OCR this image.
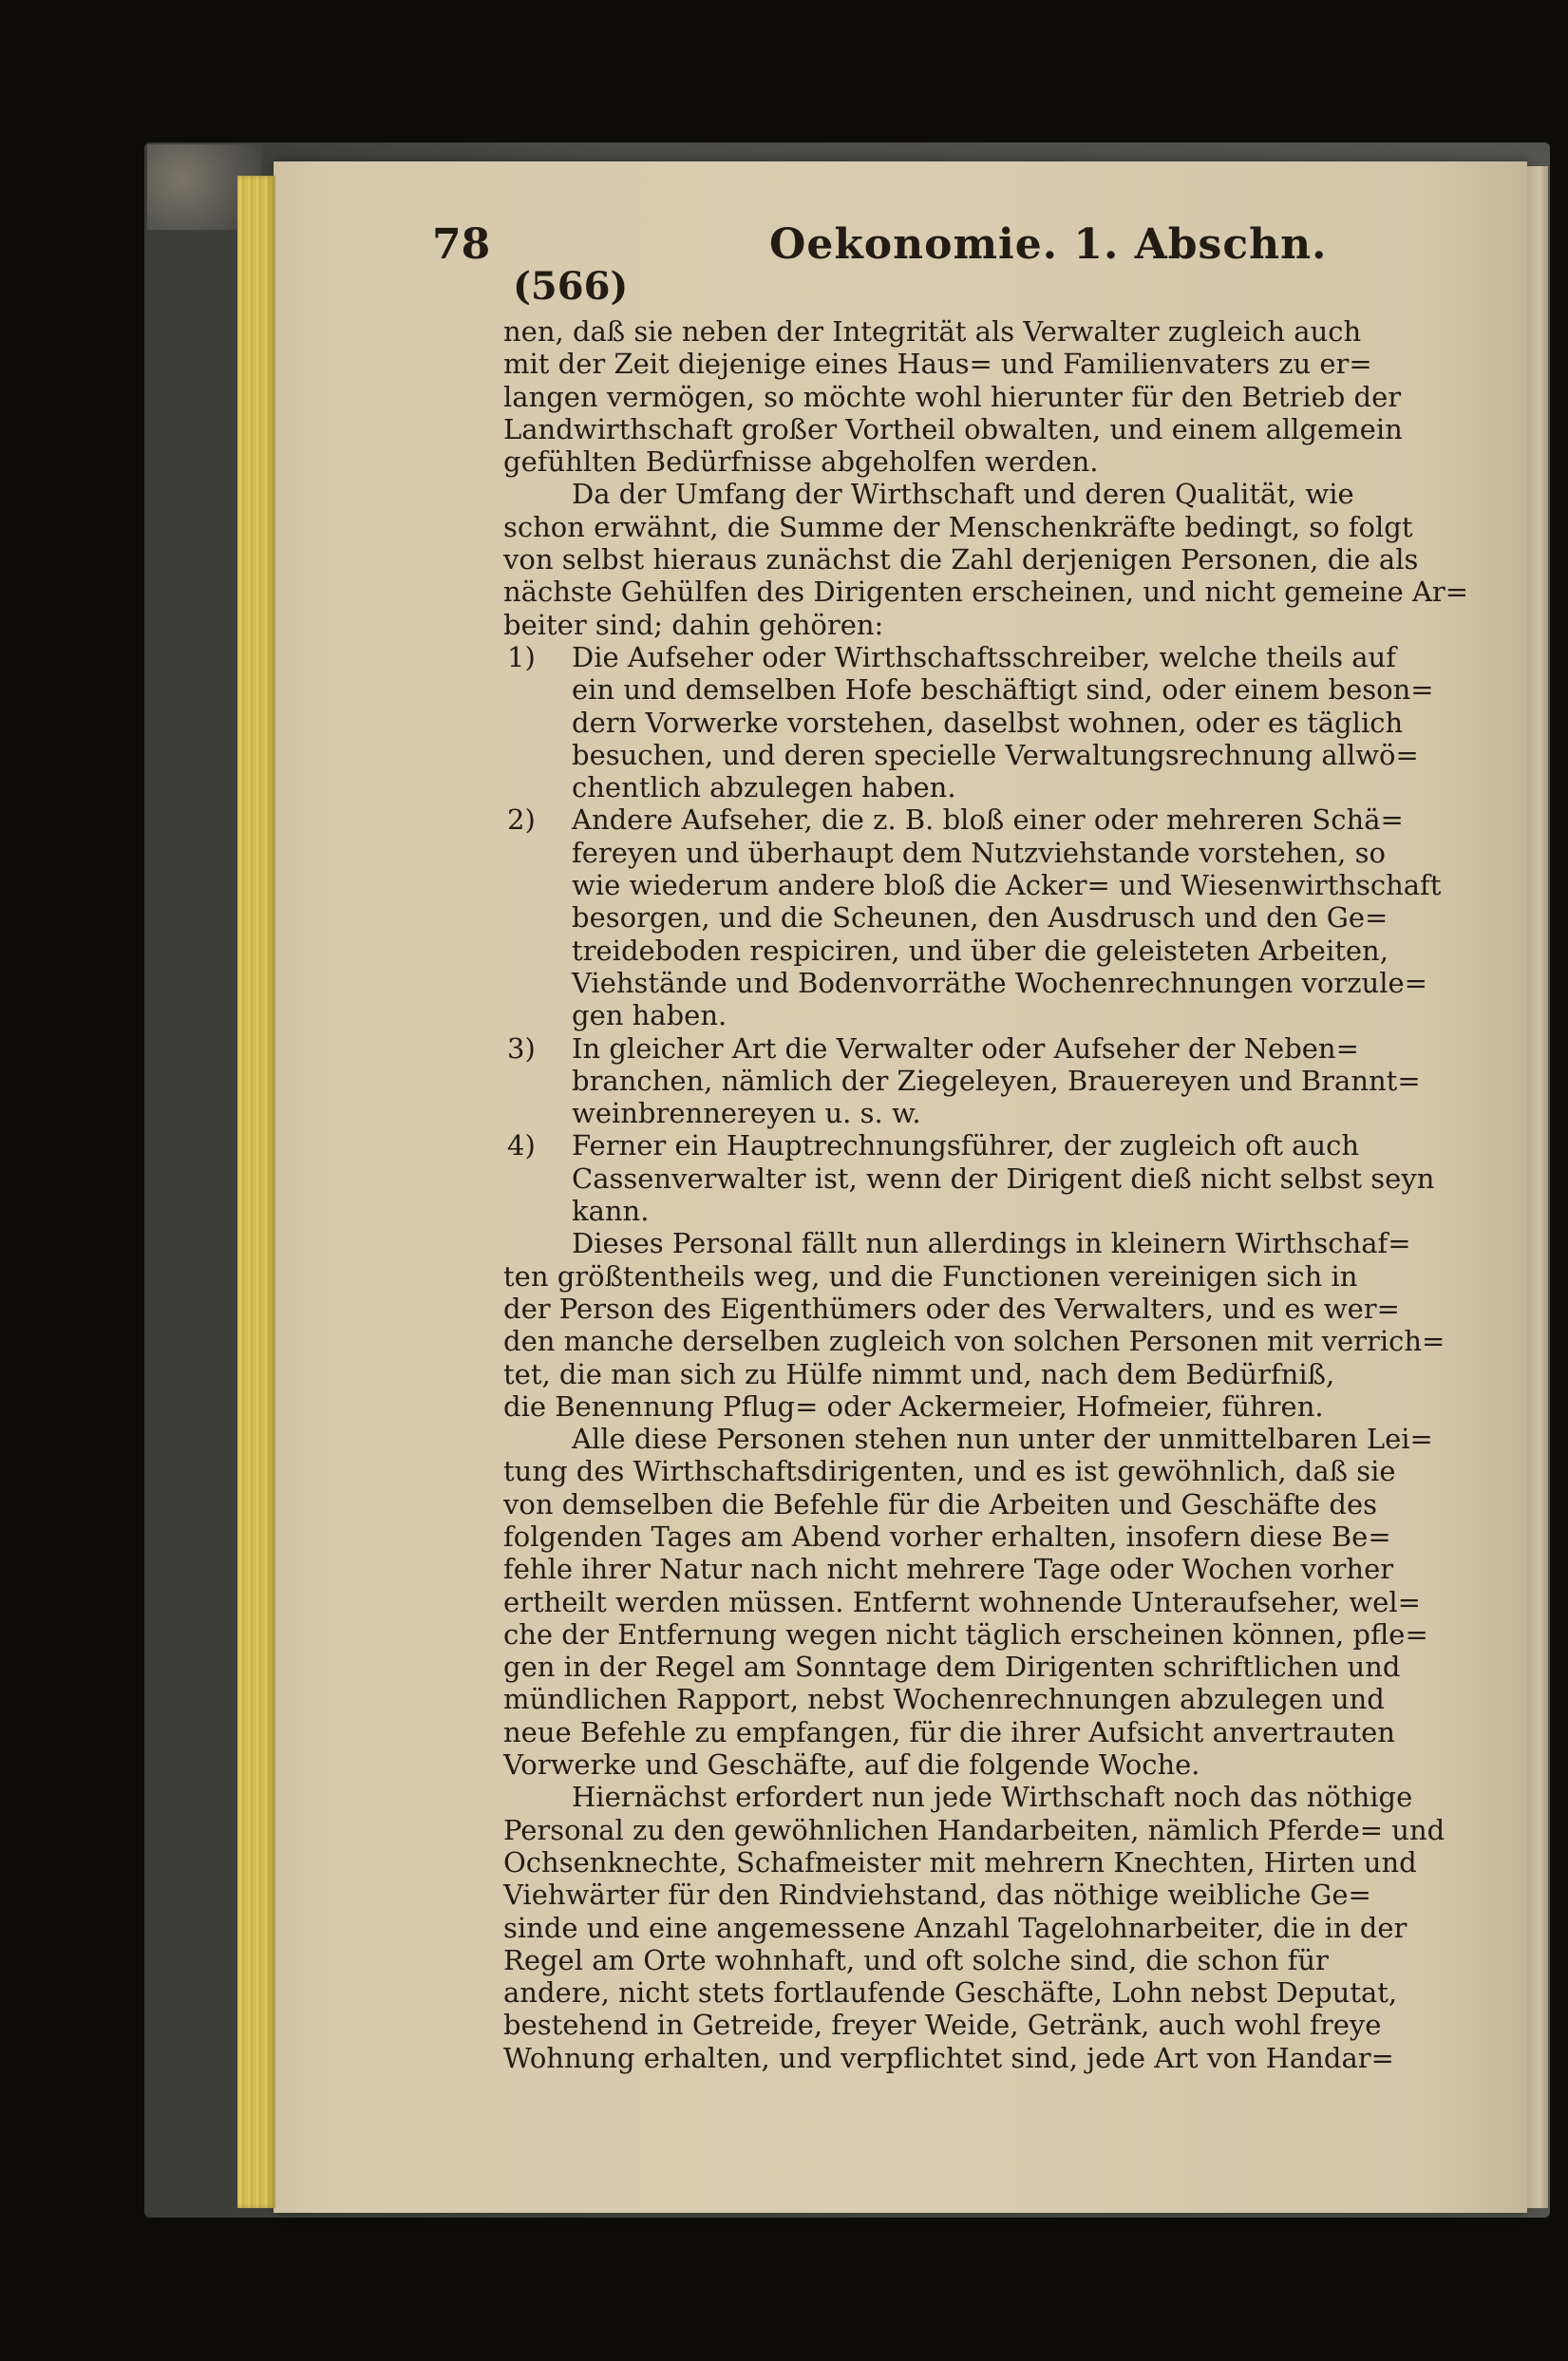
78	Oekonomie. 1. Abschn.
(566)
nen, daß sie neben der Integrität als Verwalter zugleich auch
mit der Zeit diejenige eines Haus= und Familienvaters zu er=
langen vermögen, so möchte wohl hierunter für den Betrieb der
Landwirthschaft großer Vortheil obwalten, und einem allgemein
gefühlten Bedürfnisse abgeholfen werden.
Da der Umfang der Wirthschaft und deren Qualität, wie
schon erwähnt, die Summe der Menschenkräfte bedingt, so folgt
von selbst hieraus zunächst die Zahl derjenigen Personen, die als
nächste Gehülfen des Dirigenten erscheinen, und nicht gemeine Ar=
beiter sind; dahin gehören:
1) Die Aufseher oder Wirthschaftsschreiber, welche theils auf
ein und demselben Hofe beschäftigt sind, oder einem beson=
dern Vorwerke vorstehen, daselbst wohnen, oder es täglich
besuchen, und deren specielle Verwaltungsrechnung allwö=
chentlich abzulegen haben.
2) Andere Aufseher, die z. B. bloß einer oder mehreren Schä=
fereyen und überhaupt dem Nutzviehstande vorstehen, so
wie wiederum andere bloß die Acker= und Wiesenwirthschaft
besorgen, und die Scheunen, den Ausdrusch und den Ge=
treideboden respiciren, und über die geleisteten Arbeiten,
Viehstände und Bodenvorräthe Wochenrechnungen vorzule=
gen haben.
3) In gleicher Art die Verwalter oder Aufseher der Neben=
branchen, nämlich der Ziegeleyen, Brauereyen und Brannt=
weinbrennereyen u. s. w.
4) Ferner ein Hauptrechnungsführer, der zugleich oft auch
Cassenverwalter ist, wenn der Dirigent dieß nicht selbst seyn
kann.
Dieses Personal fällt nun allerdings in kleinern Wirthschaf=
ten größtentheils weg, und die Functionen vereinigen sich in
der Person des Eigenthümers oder des Verwalters, und es wer=
den manche derselben zugleich von solchen Personen mit verrich=
tet, die man sich zu Hülfe nimmt und, nach dem Bedürfniß,
die Benennung Pflug= oder Ackermeier, Hofmeier, führen.
Alle diese Personen stehen nun unter der unmittelbaren Lei=
tung des Wirthschaftsdirigenten, und es ist gewöhnlich, daß sie
von demselben die Befehle für die Arbeiten und Geschäfte des
folgenden Tages am Abend vorher erhalten, insofern diese Be=
fehle ihrer Natur nach nicht mehrere Tage oder Wochen vorher
ertheilt werden müssen. Entfernt wohnende Unteraufseher, wel=
che der Entfernung wegen nicht täglich erscheinen können, pfle=
gen in der Regel am Sonntage dem Dirigenten schriftlichen und
mündlichen Rapport, nebst Wochenrechnungen abzulegen und
neue Befehle zu empfangen, für die ihrer Aufsicht anvertrauten
Vorwerke und Geschäfte, auf die folgende Woche.
Hiernächst erfordert nun jede Wirthschaft noch das nöthige
Personal zu den gewöhnlichen Handarbeiten, nämlich Pferde= und
Ochsenknechte, Schafmeister mit mehrern Knechten, Hirten und
Viehwärter für den Rindviehstand, das nöthige weibliche Ge=
sinde und eine angemessene Anzahl Tagelohnarbeiter, die in der
Regel am Orte wohnhaft, und oft solche sind, die schon für
andere, nicht stets fortlaufende Geschäfte, Lohn nebst Deputat,
bestehend in Getreide, freyer Weide, Getränk, auch wohl freye
Wohnung erhalten, und verpflichtet sind, jede Art von Handar=
